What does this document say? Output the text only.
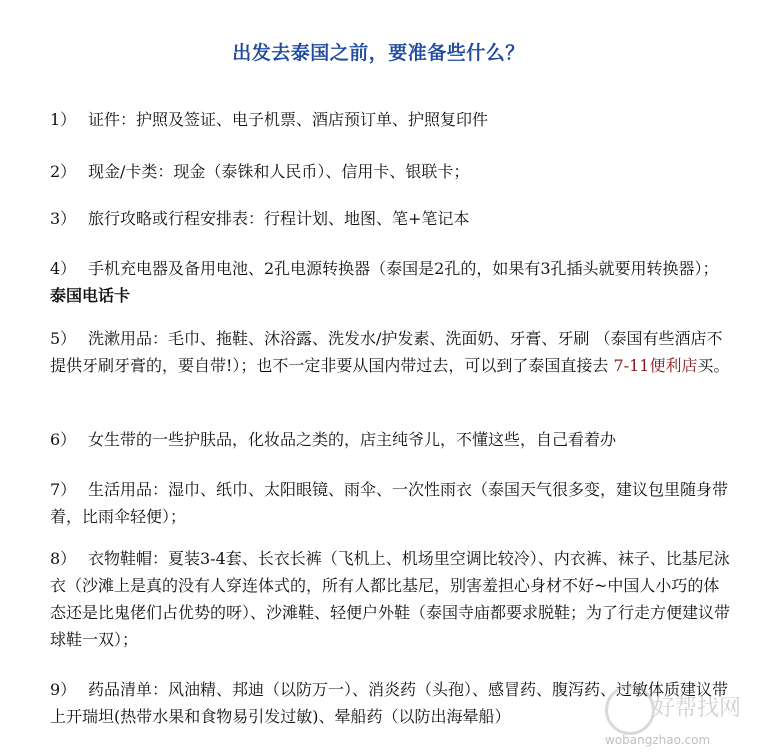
出发去泰国之前，要准备些什么？
1） 证件：护照及签证、电子机票、酒店预订单、护照复印件
2） 现金/卡类：现金（泰铢和人民币）、信用卡、银联卡；
3） 旅行攻略或行程安排表：行程计划、地图、笔+笔记本
4） 手机充电器及备用电池、2孔电源转换器（泰国是2孔的，如果有3孔插头就要用转换器）；泰国电话卡
5） 洗漱用品：毛巾、拖鞋、沐浴露、洗发水/护发素、洗面奶、牙膏、牙刷 （泰国有些酒店不提供牙刷牙膏的，要自带!）；也不一定非要从国内带过去，可以到了泰国直接去 7-11便利店买。
6） 女生带的一些护肤品，化妆品之类的，店主纯爷儿，不懂这些，自己看着办
7） 生活用品：湿巾、纸巾、太阳眼镜、雨伞、一次性雨衣（泰国天气很多变，建议包里随身带着，比雨伞轻便）；
8） 衣物鞋帽：夏装3-4套、长衣长裤（飞机上、机场里空调比较冷）、内衣裤、袜子、比基尼泳衣（沙滩上是真的没有人穿连体式的，所有人都比基尼，别害羞担心身材不好~中国人小巧的体态还是比鬼佬们占优势的呀）、沙滩鞋、轻便户外鞋（泰国寺庙都要求脱鞋；为了行走方便建议带球鞋一双）；
9） 药品清单：风油精、邦迪（以防万一）、消炎药（头孢）、感冒药、腹泻药、过敏体质建议带上开瑞坦(热带水果和食物易引发过敏)、晕船药（以防出海晕船）	好帮找网
wobangzhao.com
